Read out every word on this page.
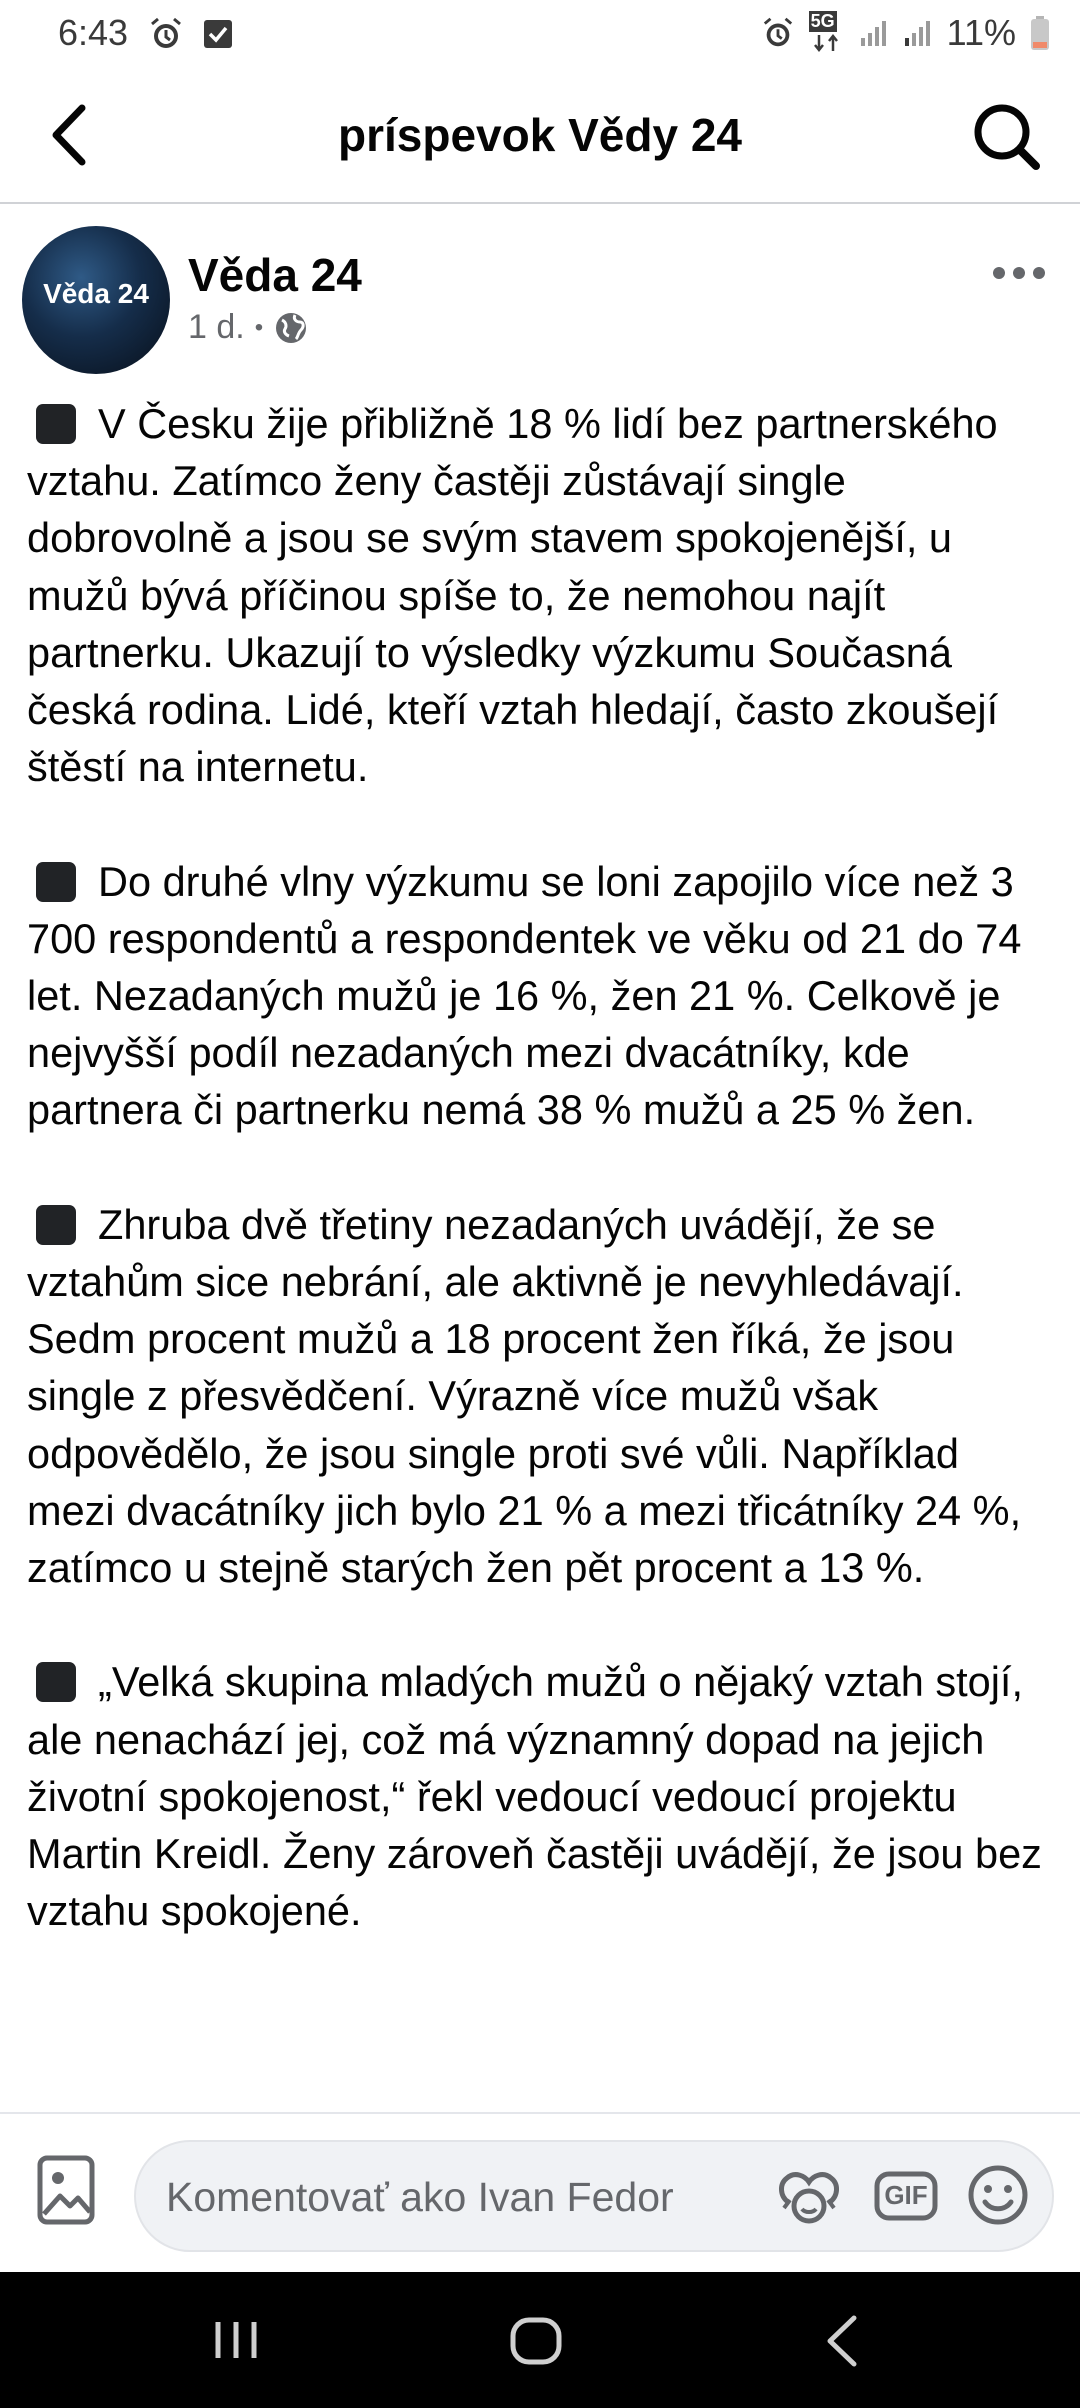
6:43	5G	11%
príspevok Vědy 24
Věda 24 Věda 24
1 d. •

V Česku žije přibližně 18 % lidí bez partnerského vztahu. Zatímco ženy častěji zůstávají single dobrovolně a jsou se svým stavem spokojenější, u mužů bývá příčinou spíše to, že nemohou najít partnerku. Ukazují to výsledky výzkumu Současná česká rodina. Lidé, kteří vztah hledají, často zkoušejí štěstí na internetu.

Do druhé vlny výzkumu se loni zapojilo více než 3 700 respondentů a respondentek ve věku od 21 do 74 let. Nezadaných mužů je 16 %, žen 21 %. Celkově je nejvyšší podíl nezadaných mezi dvacátníky, kde partnera či partnerku nemá 38 % mužů a 25 % žen.

Zhruba dvě třetiny nezadaných uvádějí, že se vztahům sice nebrání, ale aktivně je nevyhledávají. Sedm procent mužů a 18 procent žen říká, že jsou single z přesvědčení. Výrazně více mužů však odpovědělo, že jsou single proti své vůli. Například mezi dvacátníky jich bylo 21 % a mezi třicátníky 24 %, zatímco u stejně starých žen pět procent a 13 %.

„Velká skupina mladých mužů o nějaký vztah stojí, ale nenachází jej, což má významný dopad na jejich životní spokojenost,“ řekl vedoucí vedoucí projektu Martin Kreidl. Ženy zároveň častěji uvádějí, že jsou bez vztahu spokojené.

Komentovať ako Ivan Fedor	GIF
